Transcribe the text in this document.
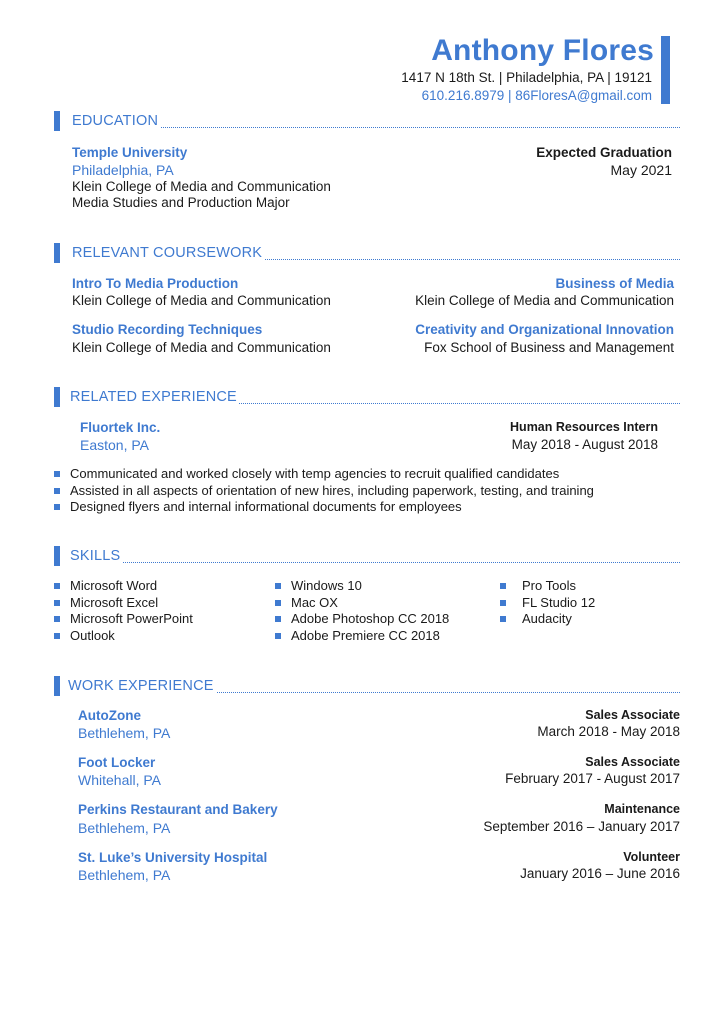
Anthony Flores
1417 N 18th St. | Philadelphia, PA | 19121
610.216.8979 | 86FloresA@gmail.com
EDUCATION
Temple University
Philadelphia, PA
Klein College of Media and Communication
Media Studies and Production Major
Expected Graduation
May 2021
RELEVANT COURSEWORK
Intro To Media Production
Klein College of Media and Communication
Business of Media
Klein College of Media and Communication
Studio Recording Techniques
Klein College of Media and Communication
Creativity and Organizational Innovation
Fox School of Business and Management
RELATED EXPERIENCE
Fluortek Inc.
Easton, PA
Human Resources Intern
May 2018 - August 2018
Communicated and worked closely with temp agencies to recruit qualified candidates
Assisted in all aspects of orientation of new hires, including paperwork, testing, and training
Designed flyers and internal informational documents for employees
SKILLS
Microsoft Word
Microsoft Excel
Microsoft PowerPoint
Outlook
Windows 10
Mac OX
Adobe Photoshop CC 2018
Adobe Premiere CC 2018
Pro Tools
FL Studio 12
Audacity
WORK EXPERIENCE
AutoZone
Bethlehem, PA
Sales Associate
March 2018 - May 2018
Foot Locker
Whitehall, PA
Sales Associate
February 2017 - August 2017
Perkins Restaurant and Bakery
Bethlehem, PA
Maintenance
September 2016 – January 2017
St. Luke’s University Hospital
Bethlehem, PA
Volunteer
January 2016 – June 2016
